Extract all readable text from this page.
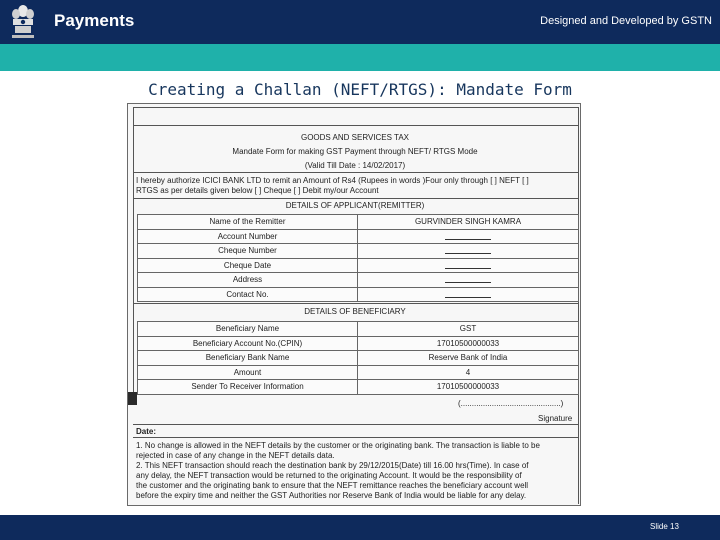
Payments	Designed and Developed by GSTN
Creating a Challan (NEFT/RTGS): Mandate Form
GOODS AND SERVICES TAX
Mandate Form for making GST Payment through NEFT/ RTGS Mode
(Valid Till Date : 14/02/2017)
I hereby authorize ICICI BANK LTD to remit an Amount of Rs4 (Rupees in words )Four only through [ ] NEFT [ ]
RTGS as per details given below [ ] Cheque [ ] Debit my/our Account
DETAILS OF APPLICANT(REMITTER)
Name of the Remitter	GURVINDER SINGH KAMRA
Account Number	
Cheque Number	
Cheque Date	
Address	
Contact No.	
DETAILS OF BENEFICIARY
Beneficiary Name	GST
Beneficiary Account No.(CPIN)	17010500000033
Beneficiary Bank Name	Reserve Bank of India
Amount	4
Sender To Receiver Information	17010500000033
(.............................................)
Signature
Date:
1. No change is allowed in the NEFT details by the customer or the originating bank. The transaction is liable to be
rejected in case of any change in the NEFT details data.
2. This NEFT transaction should reach the destination bank by 29/12/2015(Date) till 16.00 hrs(Time). In case of
any delay, the NEFT transaction would be returned to the originating Account. It would be the responsibility of
the customer and the originating bank to ensure that the NEFT remittance reaches the beneficiary account well
before the expiry time and neither the GST Authorities nor Reserve Bank of India would be liable for any delay.
Slide 13
